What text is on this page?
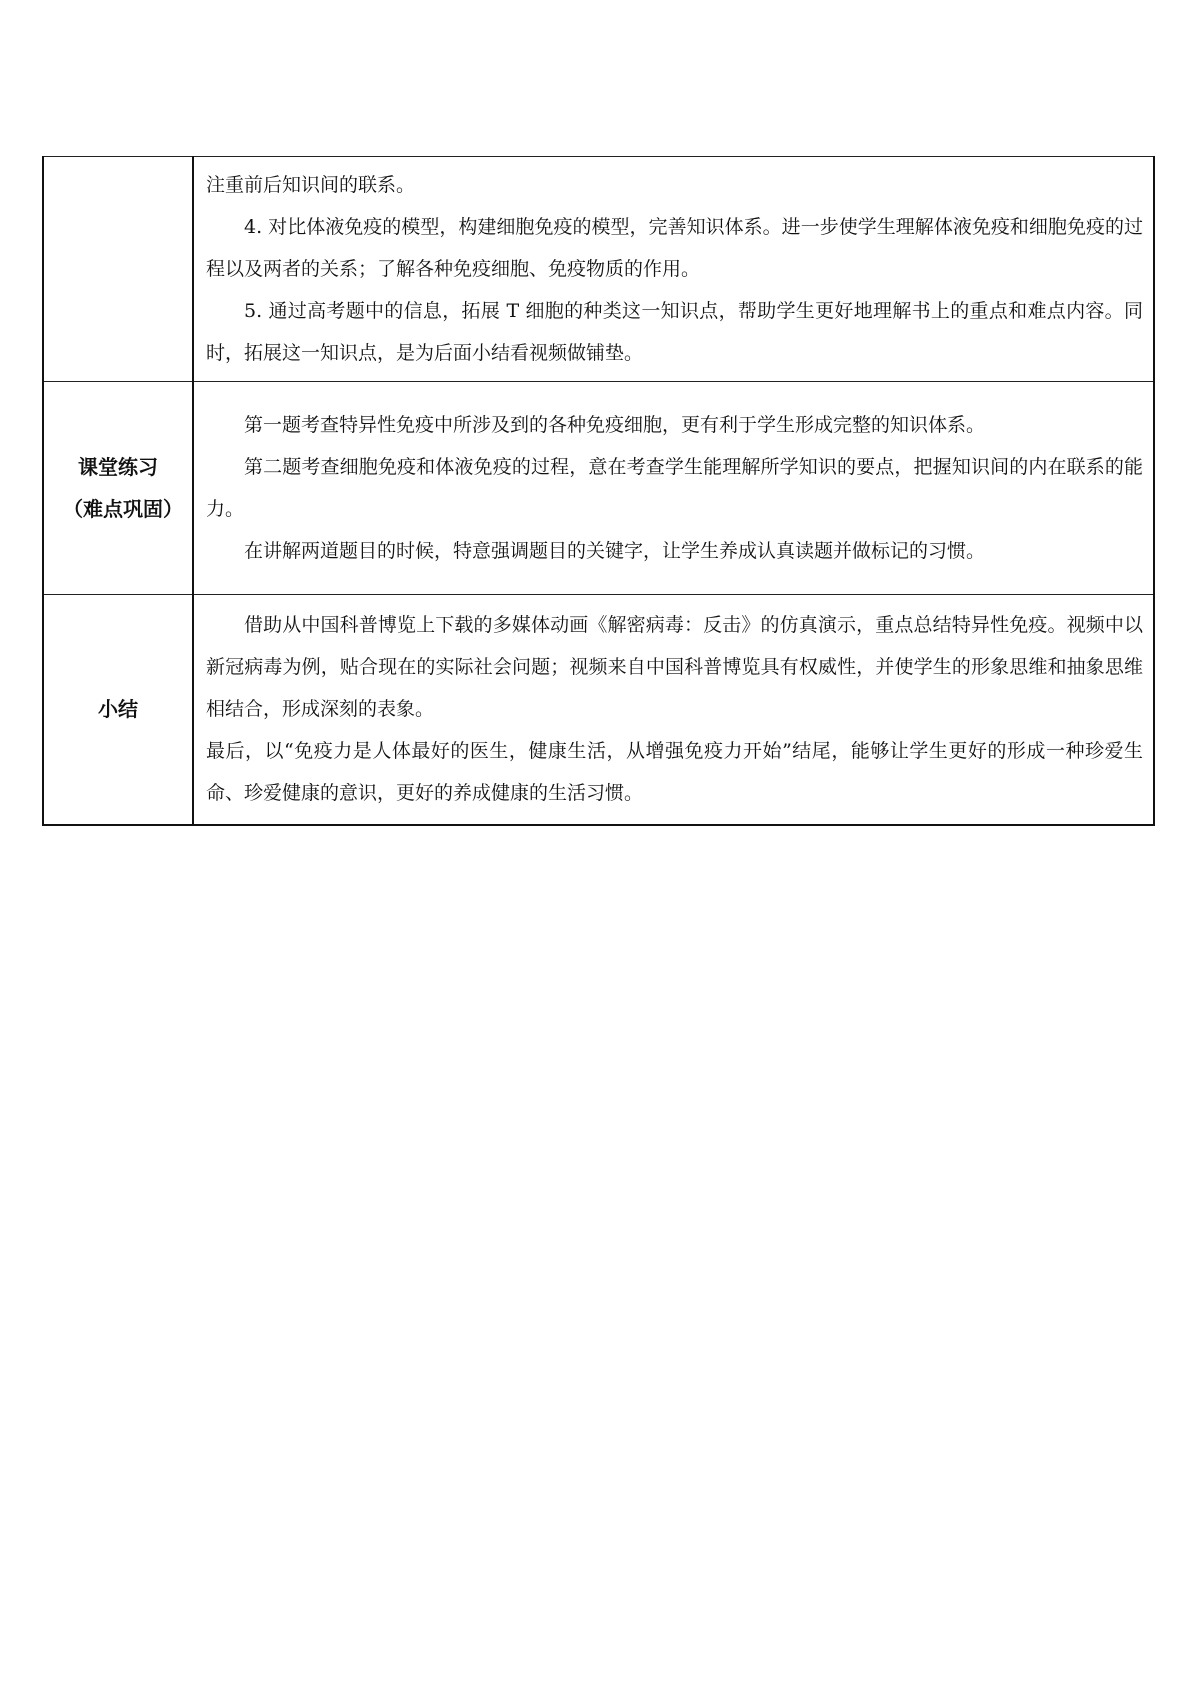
	注重前后知识间的联系。

4. 对比体液免疫的模型，构建细胞免疫的模型，完善知识体系。进一步使学生理解体液免疫和细胞免疫的过程以及两者的关系；了解各种免疫细胞、免疫物质的作用。

5. 通过高考题中的信息，拓展 T 细胞的种类这一知识点，帮助学生更好地理解书上的重点和难点内容。同时，拓展这一知识点，是为后面小结看视频做铺垫。

课堂练习（难点巩固）	第一题考查特异性免疫中所涉及到的各种免疫细胞，更有利于学生形成完整的知识体系。

第二题考查细胞免疫和体液免疫的过程，意在考查学生能理解所学知识的要点，把握知识间的内在联系的能力。

在讲解两道题目的时候，特意强调题目的关键字，让学生养成认真读题并做标记的习惯。

小结	借助从中国科普博览上下载的多媒体动画《解密病毒：反击》的仿真演示，重点总结特异性免疫。视频中以新冠病毒为例，贴合现在的实际社会问题；视频来自中国科普博览具有权威性，并使学生的形象思维和抽象思维相结合，形成深刻的表象。

最后，以“免疫力是人体最好的医生，健康生活，从增强免疫力开始”结尾，能够让学生更好的形成一种珍爱生命、珍爱健康的意识，更好的养成健康的生活习惯。
